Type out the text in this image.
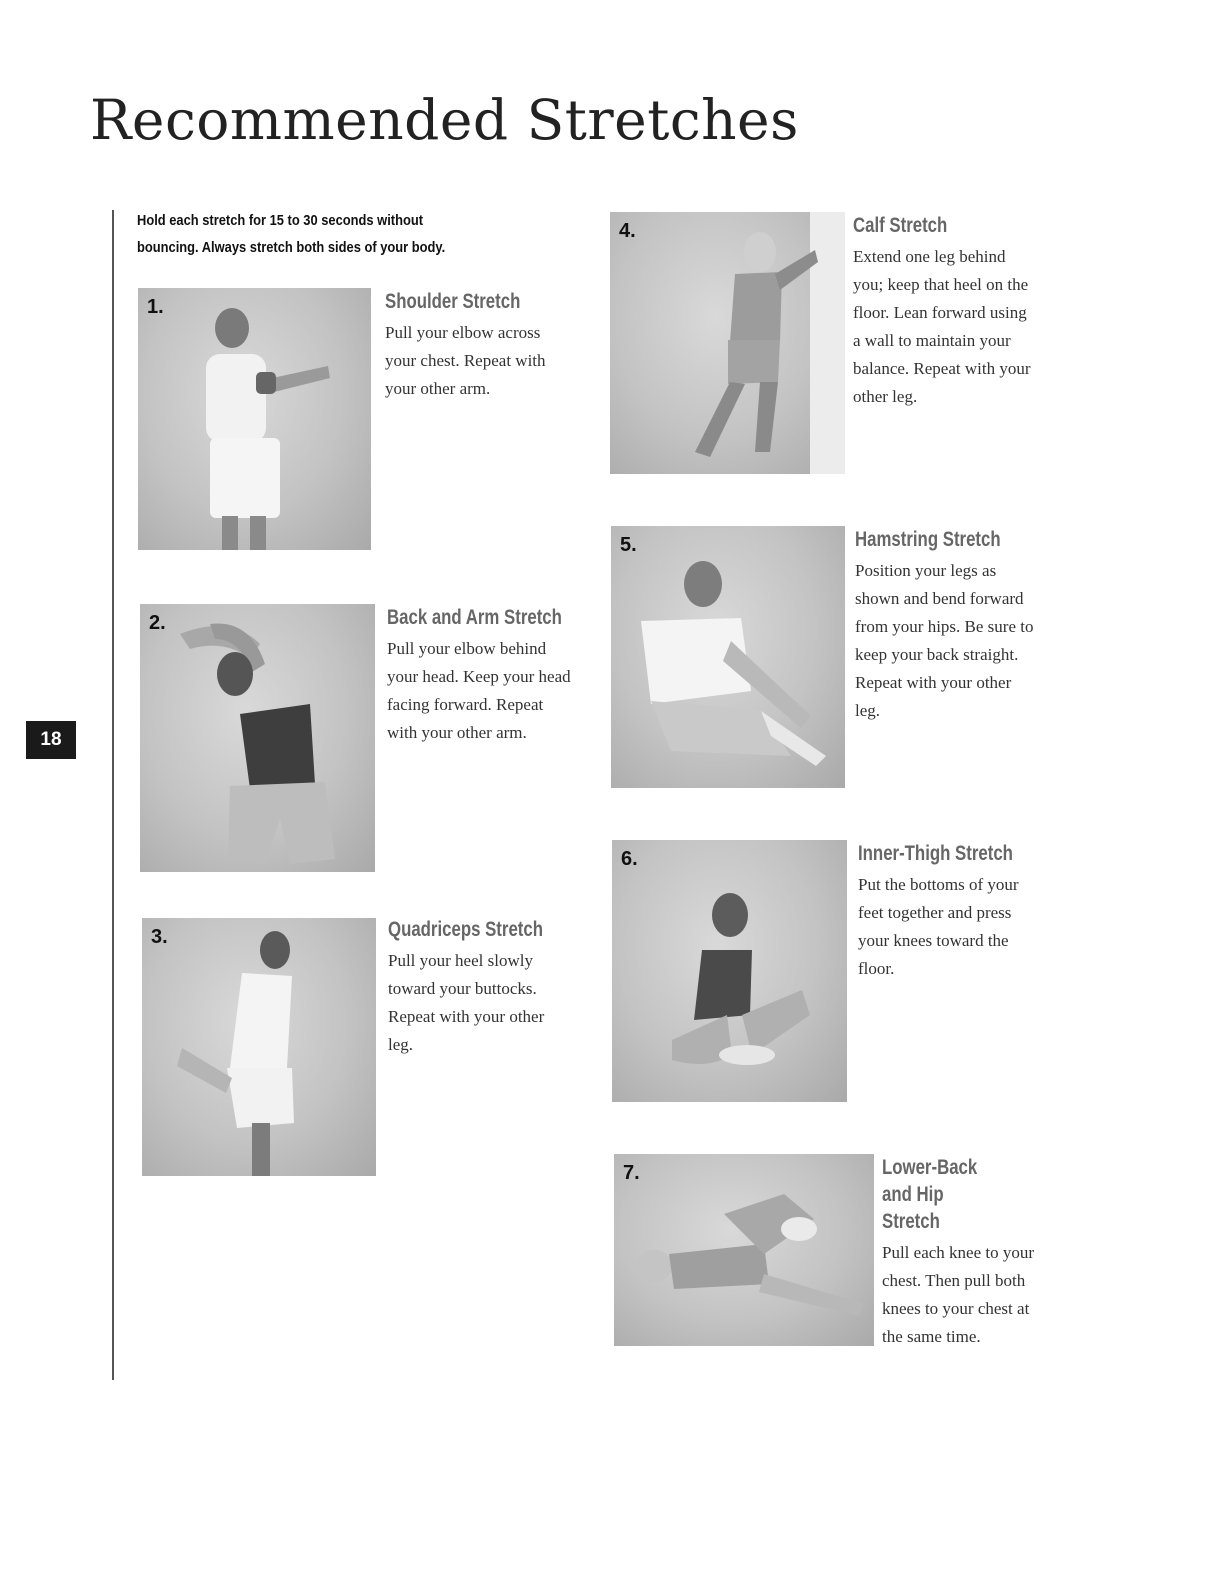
Recommended Stretches
18
Hold each stretch for 15 to 30 seconds without bouncing. Always stretch both sides of your body.
1.	Shoulder Stretch

Pull your elbow across your chest. Repeat with your other arm.

2.	Back and Arm Stretch

Pull your elbow behind your head. Keep your head facing forward. Repeat with your other arm.

3.	Quadriceps Stretch

Pull your heel slowly toward your buttocks. Repeat with your other leg.

4.	Calf Stretch

Extend one leg behind you; keep that heel on the floor. Lean forward using a wall to maintain your balance. Repeat with your other leg.

5.	Hamstring Stretch

Position your legs as shown and bend forward from your hips. Be sure to keep your back straight. Repeat with your other leg.

6.	Inner-Thigh Stretch

Put the bottoms of your feet together and press your knees toward the floor.

7.	Lower-Back and Hip Stretch

Pull each knee to your chest. Then pull both knees to your chest at the same time.
